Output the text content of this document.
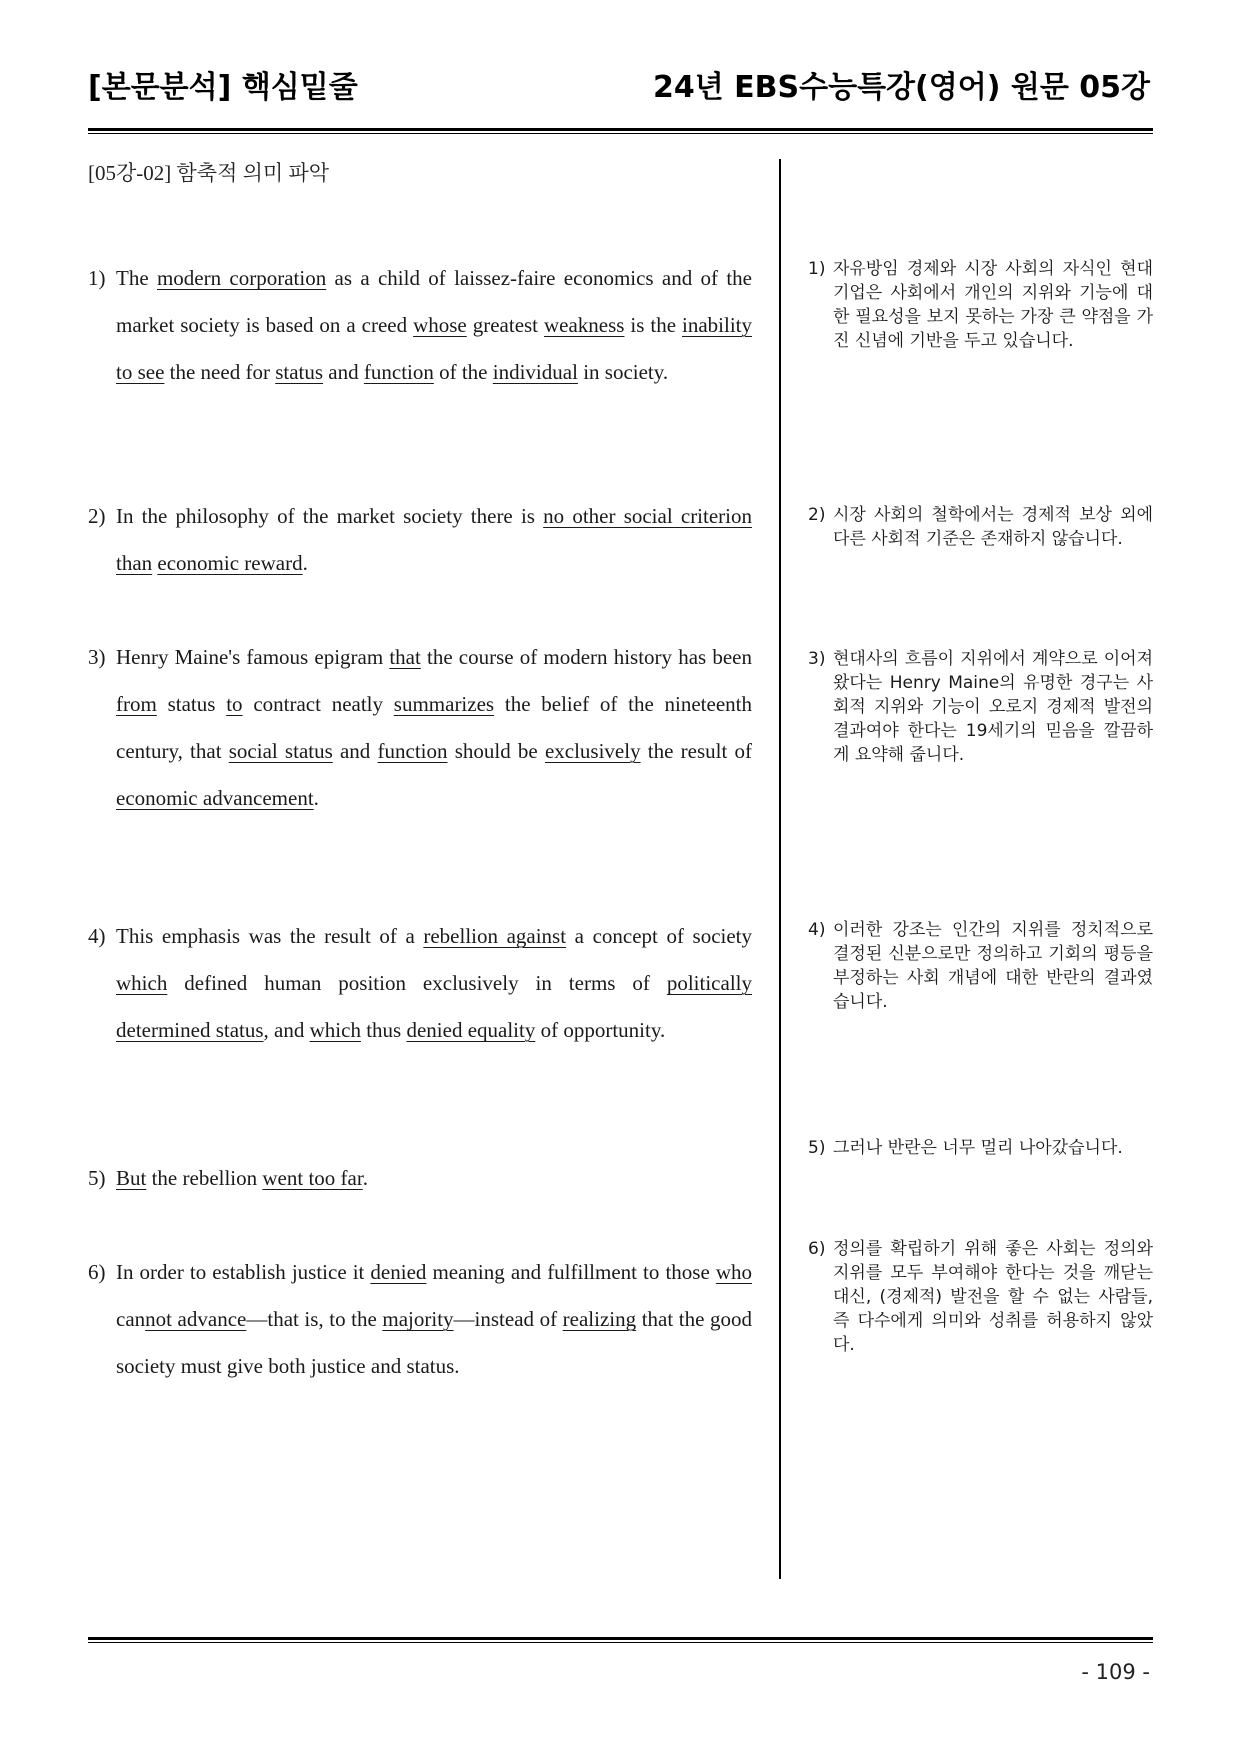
[본문분석] 핵심밑줄	24년 EBS수능특강(영어) 원문 05강
[05강-02] 함축적 의미 파악
1) The modern corporation as a child of laissez-faire economics and of the market society is based on a creed whose greatest weakness is the inability to see the need for status and function of the individual in society.
2) In the philosophy of the market society there is no other social criterion than economic reward.
3) Henry Maine's famous epigram that the course of modern history has been from status to contract neatly summarizes the belief of the nineteenth century, that social status and function should be exclusively the result of economic advancement.
4) This emphasis was the result of a rebellion against a concept of society which defined human position exclusively in terms of politically determined status, and which thus denied equality of opportunity.
5) But the rebellion went too far.
6) In order to establish justice it denied meaning and fulfillment to those who cannot advance—that is, to the majority—instead of realizing that the good society must give both justice and status.
1) 자유방임 경제와 시장 사회의 자식인 현대 기업은 사회에서 개인의 지위와 기능에 대한 필요성을 보지 못하는 가장 큰 약점을 가진 신념에 기반을 두고 있습니다.
2) 시장 사회의 철학에서는 경제적 보상 외에 다른 사회적 기준은 존재하지 않습니다.
3) 현대사의 흐름이 지위에서 계약으로 이어져 왔다는 Henry Maine의 유명한 경구는 사회적 지위와 기능이 오로지 경제적 발전의 결과여야 한다는 19세기의 믿음을 깔끔하게 요약해 줍니다.
4) 이러한 강조는 인간의 지위를 정치적으로 결정된 신분으로만 정의하고 기회의 평등을 부정하는 사회 개념에 대한 반란의 결과였습니다.
5) 그러나 반란은 너무 멀리 나아갔습니다.
6) 정의를 확립하기 위해 좋은 사회는 정의와 지위를 모두 부여해야 한다는 것을 깨닫는 대신, (경제적) 발전을 할 수 없는 사람들, 즉 다수에게 의미와 성취를 허용하지 않았다.
- 109 -
